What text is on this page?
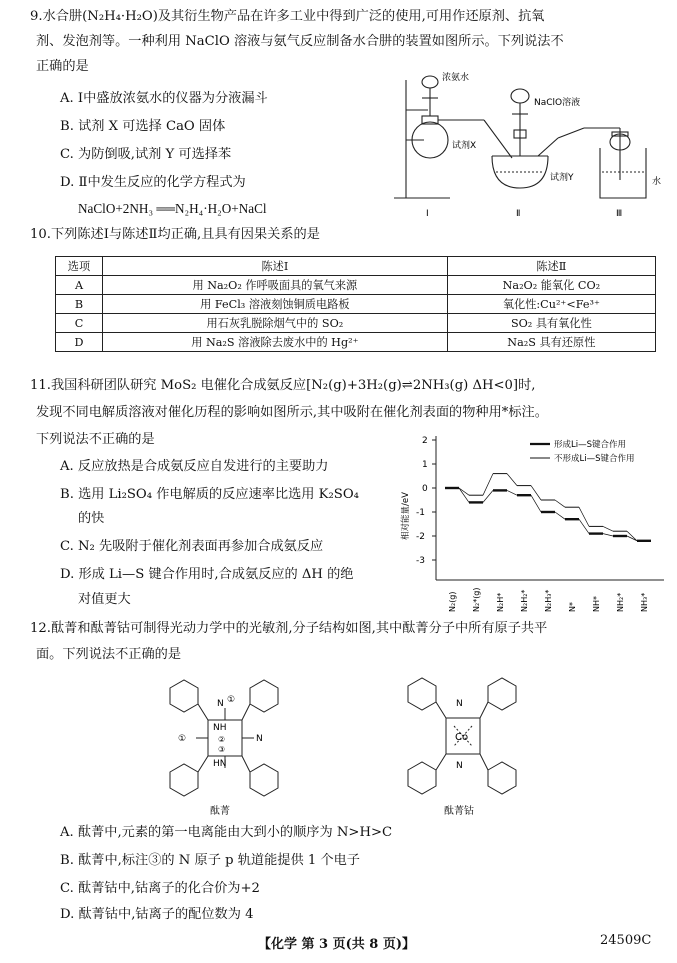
9.水合肼(N₂H₄·H₂O)及其衍生物产品在许多工业中得到广泛的使用,可用作还原剂、抗氧
剂、发泡剂等。一种利用 NaClO 溶液与氨气反应制备水合肼的装置如图所示。下列说法不
正确的是
A. Ⅰ中盛放浓氨水的仪器为分液漏斗
B. 试剂 X 可选择 CaO 固体
C. 为防倒吸,试剂 Y 可选择苯
D. Ⅱ中发生反应的化学方程式为
NaClO+2NH₃ ══N₂H₄·H₂O+NaCl
浓氨水
NaClO溶液
试剂X
试剂Y	水
Ⅰ	Ⅱ	Ⅲ
10.下列陈述Ⅰ与陈述Ⅱ均正确,且具有因果关系的是
选项	陈述Ⅰ	陈述Ⅱ
A	用 Na₂O₂ 作呼吸面具的氧气来源	Na₂O₂ 能氧化 CO₂
B	用 FeCl₃ 溶液刻蚀铜质电路板	氧化性:Cu²⁺<Fe³⁺
C	用石灰乳脱除烟气中的 SO₂	SO₂ 具有氧化性
D	用 Na₂S 溶液除去废水中的 Hg²⁺	Na₂S 具有还原性
11.我国科研团队研究 MoS₂ 电催化合成氨反应[N₂(g)+3H₂(g)⇌2NH₃(g) ΔH<0]时,
发现不同电解质溶液对催化历程的影响如图所示,其中吸附在催化剂表面的物种用*标注。
下列说法不正确的是
A. 反应放热是合成氨反应自发进行的主要助力
B. 选用 Li₂SO₄ 作电解质的反应速率比选用 K₂SO₄
的快
C. N₂ 先吸附于催化剂表面再参加合成氨反应
D. 形成 Li—S 键合作用时,合成氨反应的 ΔH 的绝
对值更大
2
1
0
-1
-2
-3
相对能量/eV
形成Li—S键合作用
不形成Li—S键合作用
N₂(g) N₂*(g) N₂H* N₂H₂* N₂H₃* N* NH* NH₂* NH₃*
12.酞菁和酞菁钴可制得光动力学中的光敏剂,分子结构如图,其中酞菁分子中所有原子共平
面。下列说法不正确的是
N ①
NH
②
③
HN
①	N
酞菁
N
Co
N
酞菁钴
A. 酞菁中,元素的第一电离能由大到小的顺序为 N>H>C
B. 酞菁中,标注③的 N 原子 p 轨道能提供 1 个电子
C. 酞菁钴中,钴离子的化合价为+2
D. 酞菁钴中,钴离子的配位数为 4
【化学 第 3 页(共 8 页)】	24509C
